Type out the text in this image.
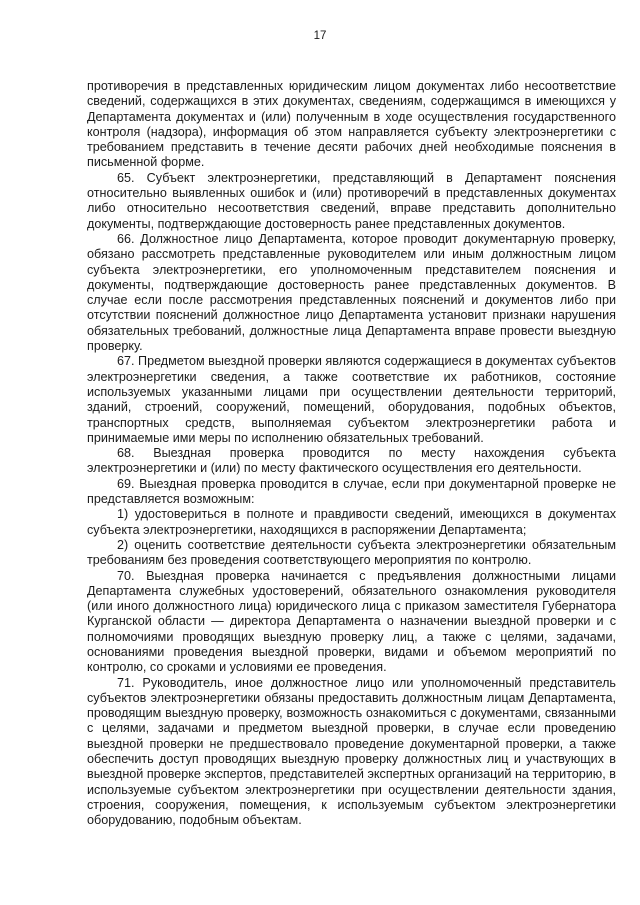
17

противоречия в представленных юридическим лицом документах либо несоответствие сведений, содержащихся в этих документах, сведениям, содержащимся в имеющихся у Департамента документах и (или) полученным в ходе осуществления государственного контроля (надзора), информация об этом направляется субъекту электроэнергетики с требованием представить в течение десяти рабочих дней необходимые пояснения в письменной форме.

65. Субъект электроэнергетики, представляющий в Департамент пояснения относительно выявленных ошибок и (или) противоречий в представленных документах либо относительно несоответствия сведений, вправе представить дополнительно документы, подтверждающие достоверность ранее представленных документов.

66. Должностное лицо Департамента, которое проводит документарную проверку, обязано рассмотреть представленные руководителем или иным должностным лицом субъекта электроэнергетики, его уполномоченным представителем пояснения и документы, подтверждающие достоверность ранее представленных документов. В случае если после рассмотрения представленных пояснений и документов либо при отсутствии пояснений должностное лицо Департамента установит признаки нарушения обязательных требований, должностные лица Департамента вправе провести выездную проверку.

67. Предметом выездной проверки являются содержащиеся в документах субъектов электроэнергетики сведения, а также соответствие их работников, состояние используемых указанными лицами при осуществлении деятельности территорий, зданий, строений, сооружений, помещений, оборудования, подобных объектов, транспортных средств, выполняемая субъектом электроэнергетики работа и принимаемые ими меры по исполнению обязательных требований.

68. Выездная проверка проводится по месту нахождения субъекта электроэнергетики и (или) по месту фактического осуществления его деятельности.

69. Выездная проверка проводится в случае, если при документарной проверке не представляется возможным:

1) удостовериться в полноте и правдивости сведений, имеющихся в документах субъекта электроэнергетики, находящихся в распоряжении Департамента;

2) оценить соответствие деятельности субъекта электроэнергетики обязательным требованиям без проведения соответствующего мероприятия по контролю.

70. Выездная проверка начинается с предъявления должностными лицами Департамента служебных удостоверений, обязательного ознакомления руководителя (или иного должностного лица) юридического лица с приказом заместителя Губернатора Курганской области — директора Департамента о назначении выездной проверки и с полномочиями проводящих выездную проверку лиц, а также с целями, задачами, основаниями проведения выездной проверки, видами и объемом мероприятий по контролю, со сроками и условиями ее проведения.

71. Руководитель, иное должностное лицо или уполномоченный представитель субъектов электроэнергетики обязаны предоставить должностным лицам Департамента, проводящим выездную проверку, возможность ознакомиться с документами, связанными с целями, задачами и предметом выездной проверки, в случае если проведению выездной проверки не предшествовало проведение документарной проверки, а также обеспечить доступ проводящих выездную проверку должностных лиц и участвующих в выездной проверке экспертов, представителей экспертных организаций на территорию, в используемые субъектом электроэнергетики при осуществлении деятельности здания, строения, сооружения, помещения, к используемым субъектом электроэнергетики оборудованию, подобным объектам.
